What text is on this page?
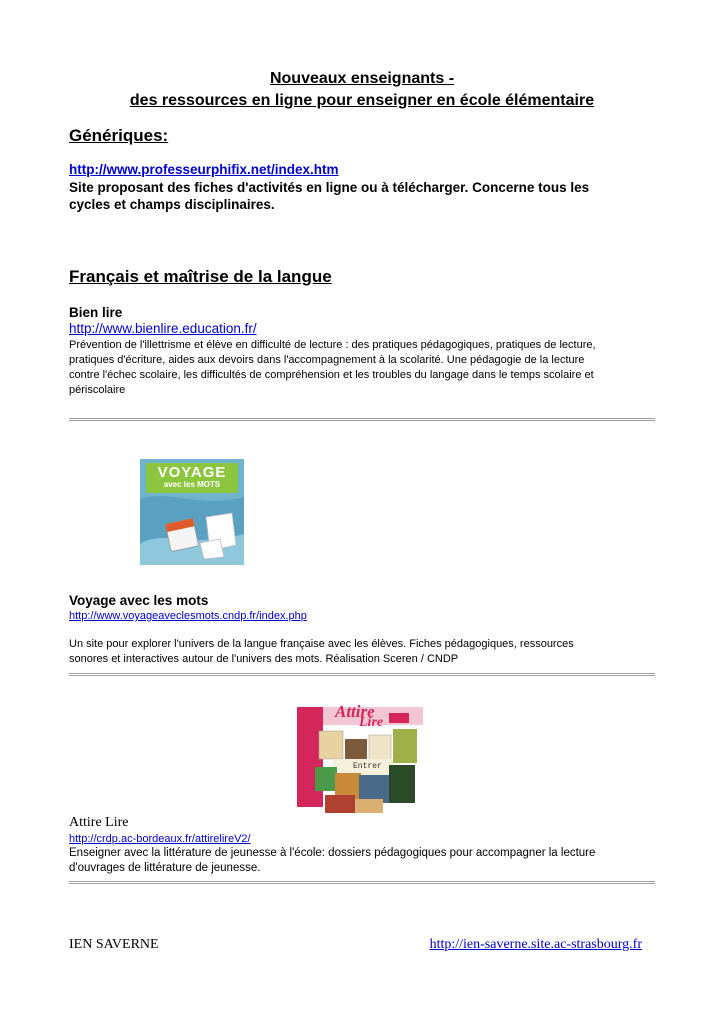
Nouveaux enseignants -
des ressources en ligne pour enseigner en école élémentaire
Génériques:
http://www.professeurphifix.net/index.htm
Site proposant des fiches d'activités en ligne ou à télécharger. Concerne tous les
cycles et champs disciplinaires.
Français et maîtrise de la langue
Bien lire
http://www.bienlire.education.fr/
Prévention de l'illettrisme et élève en difficulté de lecture : des pratiques pédagogiques, pratiques de lecture,
pratiques d'écriture, aides aux devoirs dans l'accompagnement à la scolarité. Une pédagogie de la lecture
contre l'échec scolaire, les difficultés de compréhension et les troubles du langage dans le temps scolaire et
périscolaire
VOYAGE
avec les MOTS
Voyage avec les mots
http://www.voyageaveclesmots.cndp.fr/index.php
Un site pour explorer l'univers de la langue française avec les élèves. Fiches pédagogiques, ressources
sonores et interactives autour de l'univers des mots. Réalisation Sceren / CNDP
Attire
Lire
Entrer
Attire Lire
http://crdp.ac-bordeaux.fr/attirelireV2/
Enseigner avec la littérature de jeunesse à l'école: dossiers pédagogiques pour accompagner la lecture
d'ouvrages de littérature de jeunesse.
IEN SAVERNE	http://ien-saverne.site.ac-strasbourg.fr
